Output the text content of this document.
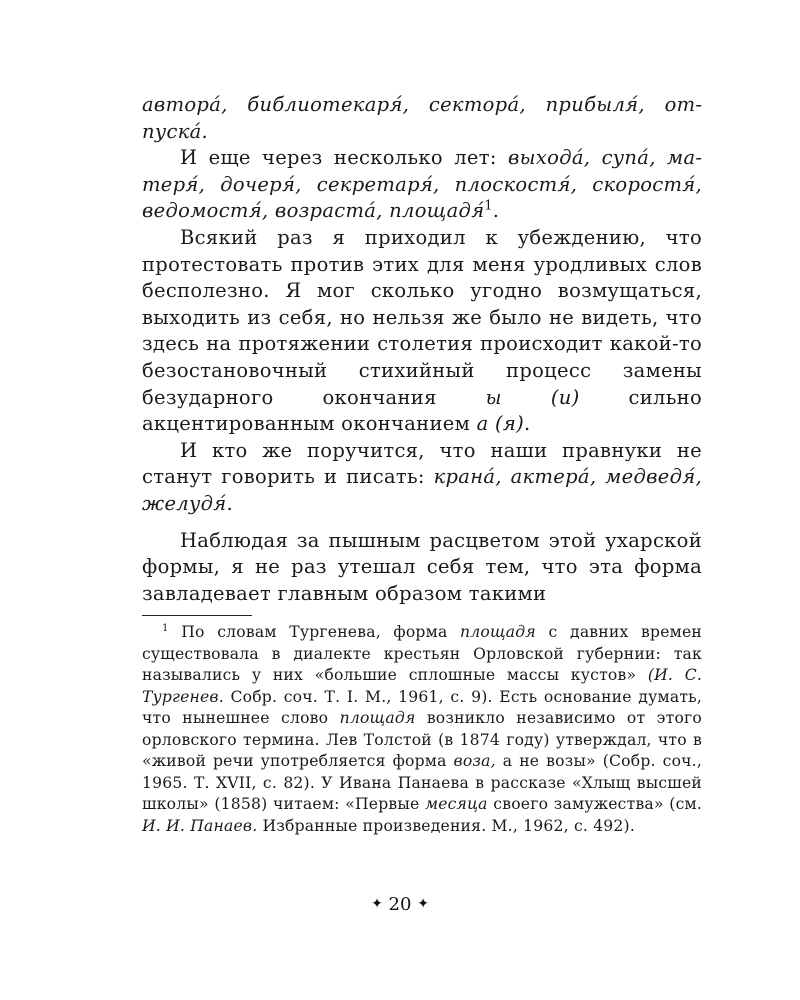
автора́, библиотекаря́, сектора́, прибыля́, отпуска́.

И еще через несколько лет: выхода́, супа́, матеря́, дочеря́, секретаря́, плоскостя́, скоростя́, ведомостя́, возраста́, площадя́$^1$.

Всякий раз я приходил к убеждению, что протестовать против этих для меня уродливых слов бесполезно. Я мог сколько угодно возмущаться, выходить из себя, но нельзя же было не видеть, что здесь на протяжении столетия происходит какой-то безостановочный стихийный процесс замены безударного окончания ы (и) сильно акцентированным окончанием а (я).

И кто же поручится, что наши правнуки не станут говорить и писать: крана́, актера́, медведя́, желудя́.

Наблюдая за пышным расцветом этой ухарской формы, я не раз утешал себя тем, что эта форма завладевает главным образом такими

$^1$ По словам Тургенева, форма площадя с давних времен существовала в диалекте крестьян Орловской губернии: так назывались у них «большие сплошные массы кустов» (И. С. Тургенев. Собр. соч. Т. I. М., 1961, с. 9). Есть основание думать, что нынешнее слово площадя возникло независимо от этого орловского термина. Лев Толстой (в 1874 году) утверждал, что в «живой речи употребляется форма воза, а не возы» (Собр. соч., 1965. Т. XVII, с. 82). У Ивана Панаева в рассказе «Хлыщ высшей школы» (1858) читаем: «Первые месяца своего замужества» (см. И. И. Панаев. Избранные произведения. М., 1962, с. 492).

✦ 20 ✦
